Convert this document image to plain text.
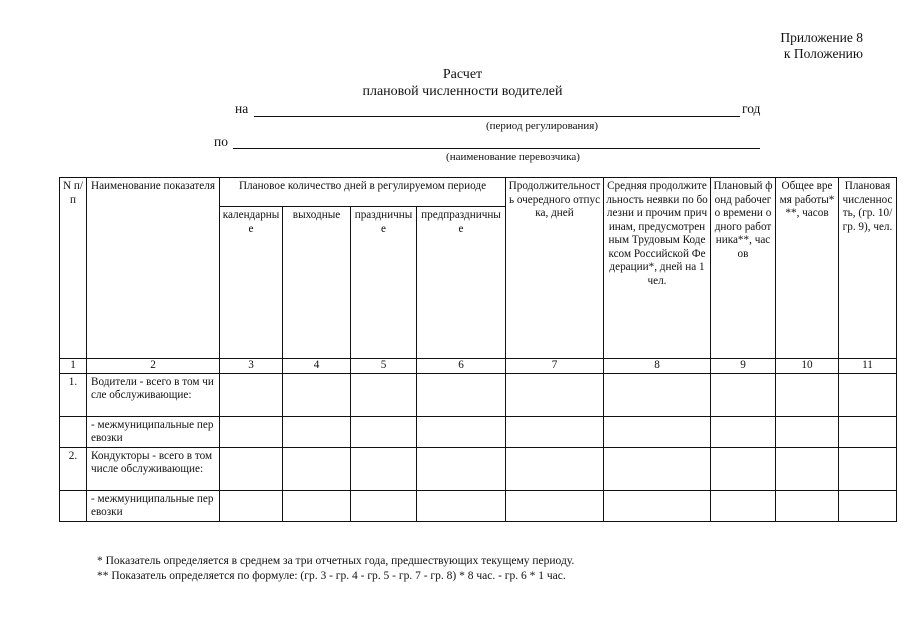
Приложение 8
к Положению
Расчет
плановой численности водителей
на	год
(период регулирования)
по
(наименование перевозчика)
N п/п	Наименование показателя	Плановое количество дней в регулируемом периоде				Продолжительность очередного отпуска, дней	Средняя продолжительность неявки по болезни и прочим причинам, предусмотренным Трудовым Кодексом Российской Федерации*, дней на 1 чел.	Плановый фонд рабочего времени одного работника**, часов	Общее время работы***, часов	Плановая численность, (гр. 10/гр. 9), чел.
		календарные	выходные	праздничные	предпраздничные					
1	2	3	4	5	6	7	8	9	10	11
1.	Водители - всего в том числе обслуживающие:									
	- межмуниципальные перевозки									
2.	Кондукторы - всего в том числе обслуживающие:									
	- межмуниципальные перевозки									
* Показатель определяется в среднем за три отчетных года, предшествующих текущему периоду.
** Показатель определяется по формуле: (гр. 3 - гр. 4 - гр. 5 - гр. 7 - гр. 8) * 8 час. - гр. 6 * 1 час.
